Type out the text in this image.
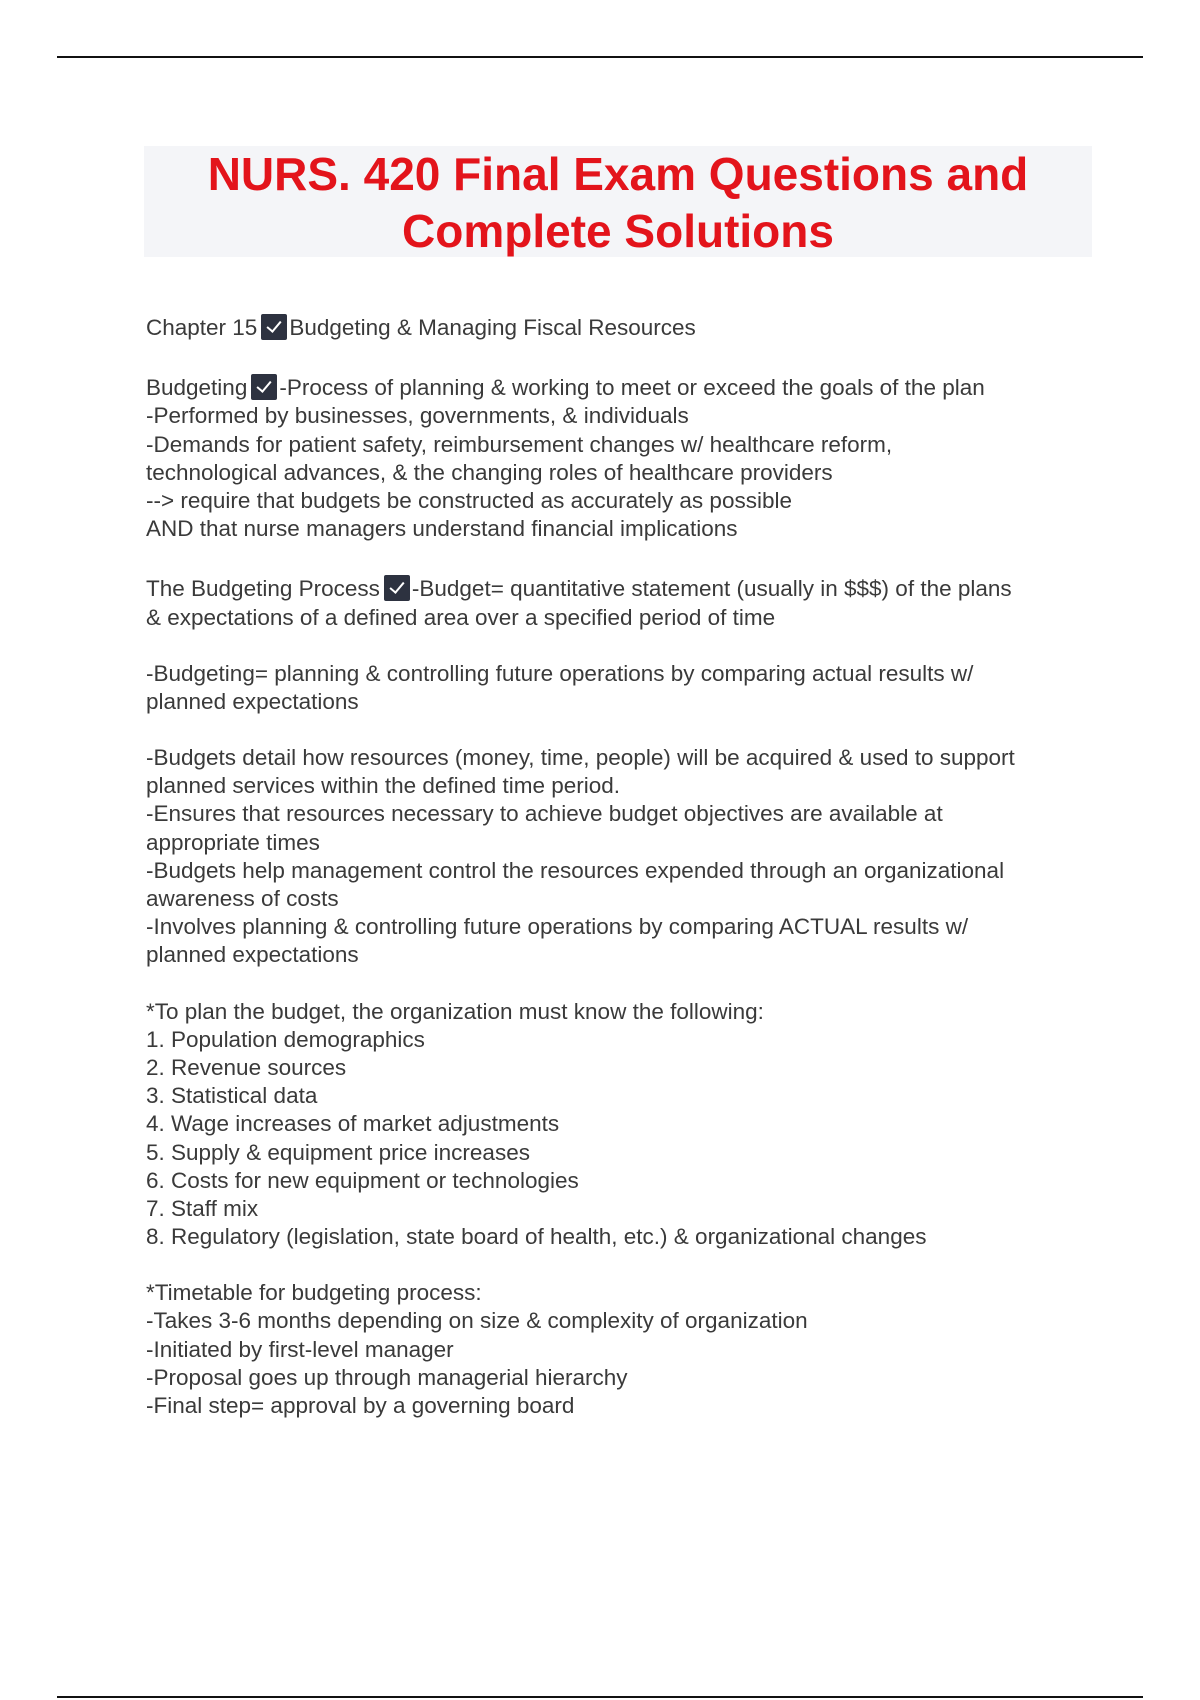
NURS. 420 Final Exam Questions and
Complete Solutions
Chapter 15 Budgeting & Managing Fiscal Resources
Budgeting -Process of planning & working to meet or exceed the goals of the plan
-Performed by businesses, governments, & individuals
-Demands for patient safety, reimbursement changes w/ healthcare reform,
technological advances, & the changing roles of healthcare providers
--> require that budgets be constructed as accurately as possible
AND that nurse managers understand financial implications
The Budgeting Process -Budget= quantitative statement (usually in $$$) of the plans
& expectations of a defined area over a specified period of time
-Budgeting= planning & controlling future operations by comparing actual results w/
planned expectations
-Budgets detail how resources (money, time, people) will be acquired & used to support
planned services within the defined time period.
-Ensures that resources necessary to achieve budget objectives are available at
appropriate times
-Budgets help management control the resources expended through an organizational
awareness of costs
-Involves planning & controlling future operations by comparing ACTUAL results w/
planned expectations
*To plan the budget, the organization must know the following:
1. Population demographics
2. Revenue sources
3. Statistical data
4. Wage increases of market adjustments
5. Supply & equipment price increases
6. Costs for new equipment or technologies
7. Staff mix
8. Regulatory (legislation, state board of health, etc.) & organizational changes
*Timetable for budgeting process:
-Takes 3-6 months depending on size & complexity of organization
-Initiated by first-level manager
-Proposal goes up through managerial hierarchy
-Final step= approval by a governing board
